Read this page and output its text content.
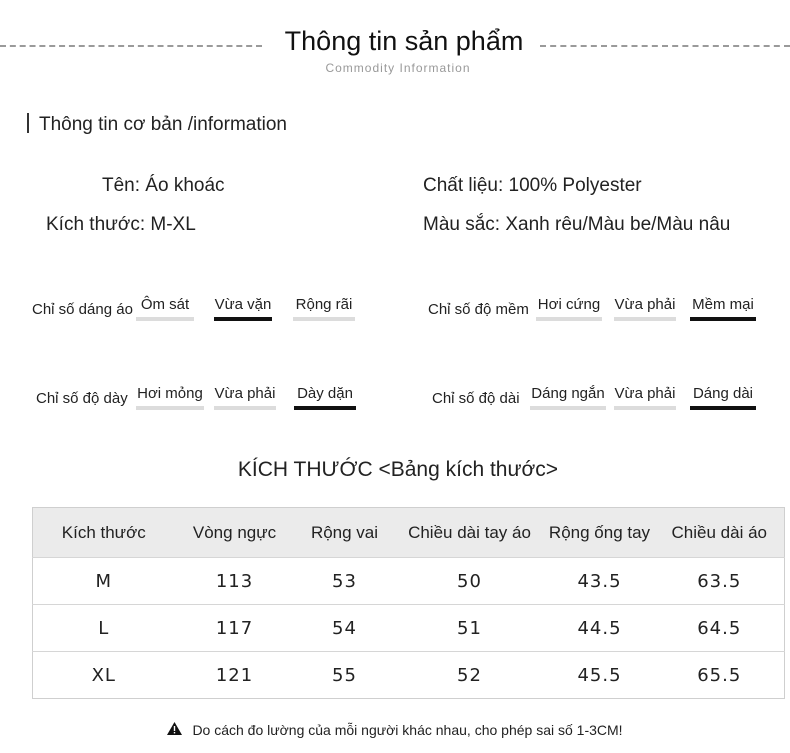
Thông tin sản phẩm
Commodity Information
Thông tin cơ bản /information
Tên: Áo khoác
Kích thước: M-XL
Chất liệu: 100% Polyester
Màu sắc: Xanh rêu/Màu be/Màu nâu
Chỉ số dáng áo Ôm sát	Vừa vặn Rộng rãi	Chỉ số độ mềm Hơi cứng Vừa phải Mềm mại
Chỉ số độ dày Hơi mỏng Vừa phải Dày dặn	Chỉ số độ dài Dáng ngắn Vừa phải Dáng dài
KÍCH THƯỚC <Bảng kích thước>
Kích thước	Vòng ngực	Rộng vai	Chiều dài tay áo	Rộng ống tay	Chiều dài áo
M	113	53	50	43.5	63.5
L	117	54	51	44.5	64.5
XL	121	55	52	45.5	65.5
Do cách đo lường của mỗi người khác nhau, cho phép sai số 1-3CM!
